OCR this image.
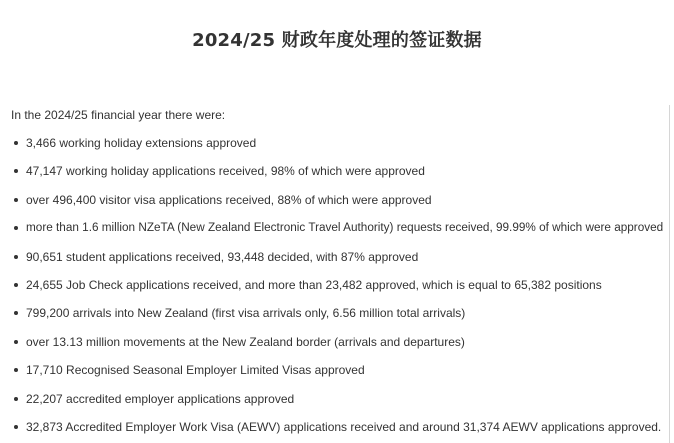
2024/25 财政年度处理的签证数据

In the 2024/25 financial year there were:

3,466 working holiday extensions approved
47,147 working holiday applications received, 98% of which were approved
over 496,400 visitor visa applications received, 88% of which were approved
more than 1.6 million NZeTA (New Zealand Electronic Travel Authority) requests received, 99.99% of which were approved
90,651 student applications received, 93,448 decided, with 87% approved
24,655 Job Check applications received, and more than 23,482 approved, which is equal to 65,382 positions
799,200 arrivals into New Zealand (first visa arrivals only, 6.56 million total arrivals)
over 13.13 million movements at the New Zealand border (arrivals and departures)
17,710 Recognised Seasonal Employer Limited Visas approved
22,207 accredited employer applications approved
32,873 Accredited Employer Work Visa (AEWV) applications received and around 31,374 AEWV applications approved.
